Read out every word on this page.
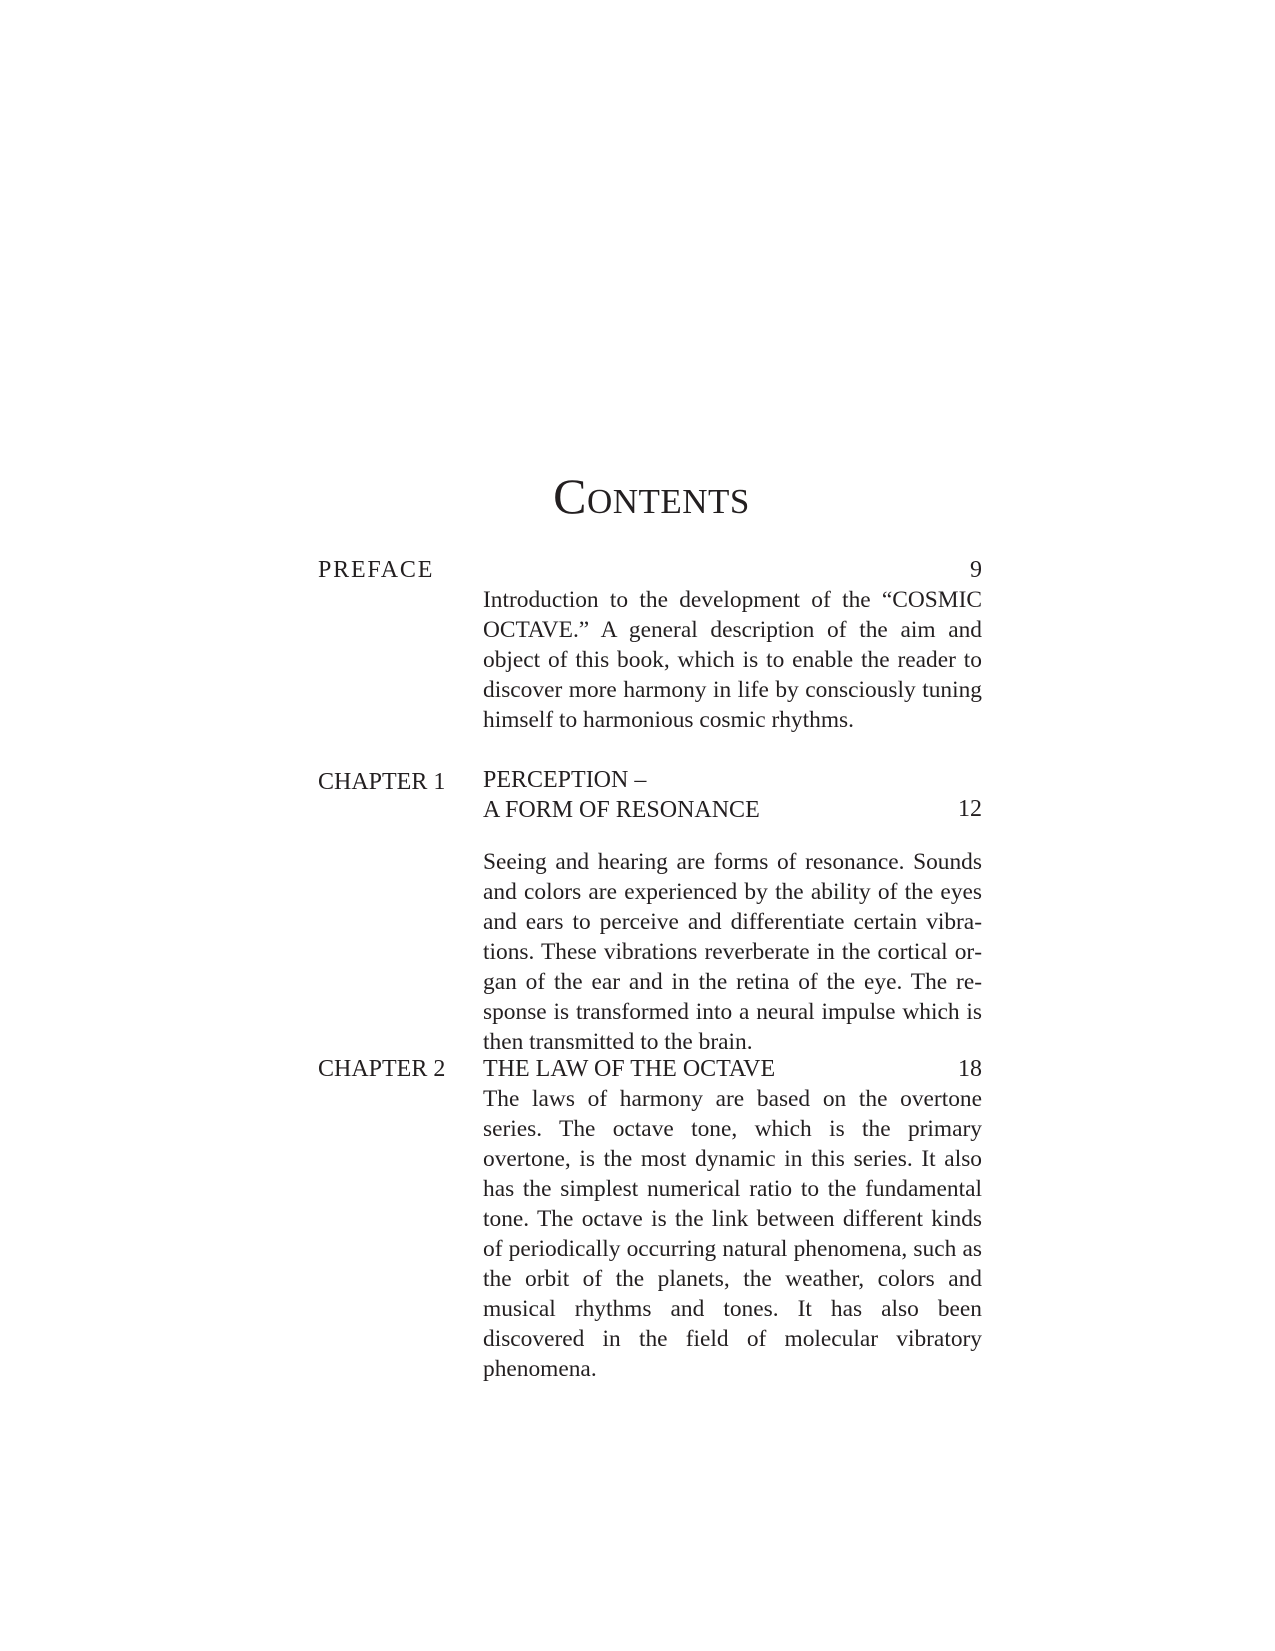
Contents
PREFACE	9

Introduction to the development of the “COSMIC OCTAVE.” A general description of the aim and object of this book, which is to enable the reader to discover more harmony in life by consciously tuning himself to harmonious cosmic rhythms.

CHAPTER 1 PERCEPTION –
A FORM OF RESONANCE	12

Seeing and hearing are forms of resonance. Sounds and colors are experienced by the ability of the eyes and ears to perceive and differentiate certain vibrations. These vibrations reverberate in the cortical organ of the ear and in the retina of the eye. The response is transformed into a neural impulse which is then transmitted to the brain.

CHAPTER 2 THE LAW OF THE OCTAVE	18

The laws of harmony are based on the overtone series. The octave tone, which is the primary overtone, is the most dynamic in this series. It also has the simplest numerical ratio to the fundamental tone. The octave is the link between different kinds of periodically occurring natural phenomena, such as the orbit of the planets, the weather, colors and musical rhythms and tones. It has also been discovered in the field of molecular vibratory phenomena.
